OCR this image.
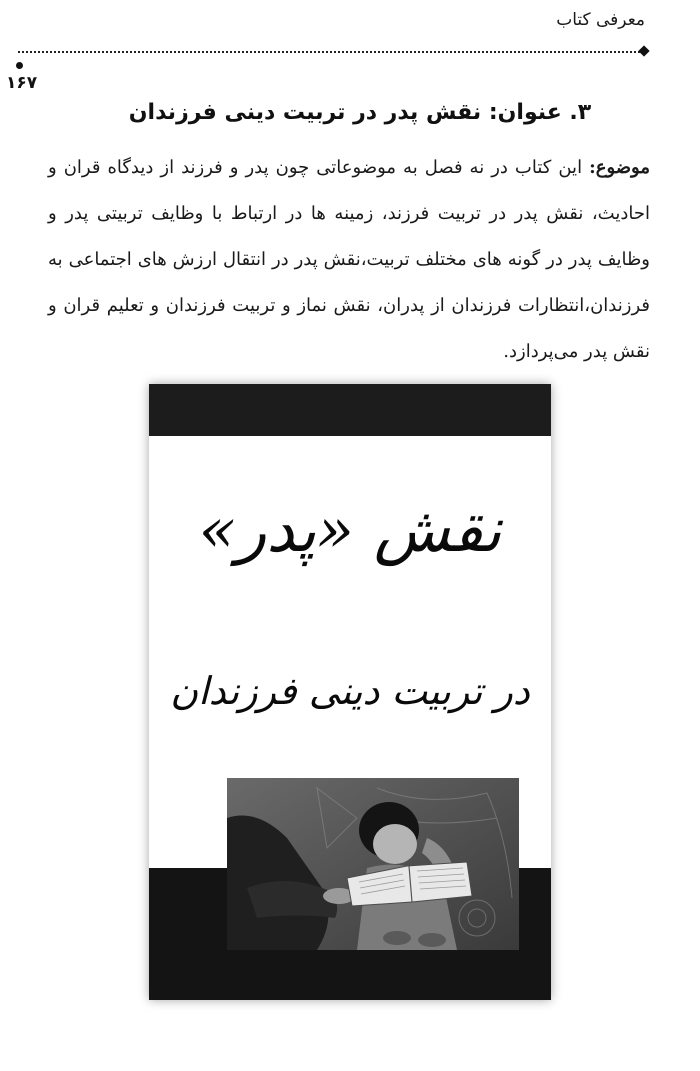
معرفی کتاب
۱۶۷
۳. عنوان: نقش پدر در تربیت دینی فرزندان
موضوع: این کتاب در نه فصل به موضوعاتی چون پدر و فرزند از دیدگاه قران و احادیث، نقش پدر در تربیت فرزند، زمینه ها در ارتباط با وظایف تربیتی پدر و وظایف پدر در گونه های مختلف تربیت،نقش پدر در انتقال ارزش های اجتماعی به فرزندان،انتظارات فرزندان از پدران، نقش نماز و تربیت فرزندان و تعلیم قران و نقش پدر می‌پردازد.
نقش «پدر»
در تربیت دینی فرزندان
